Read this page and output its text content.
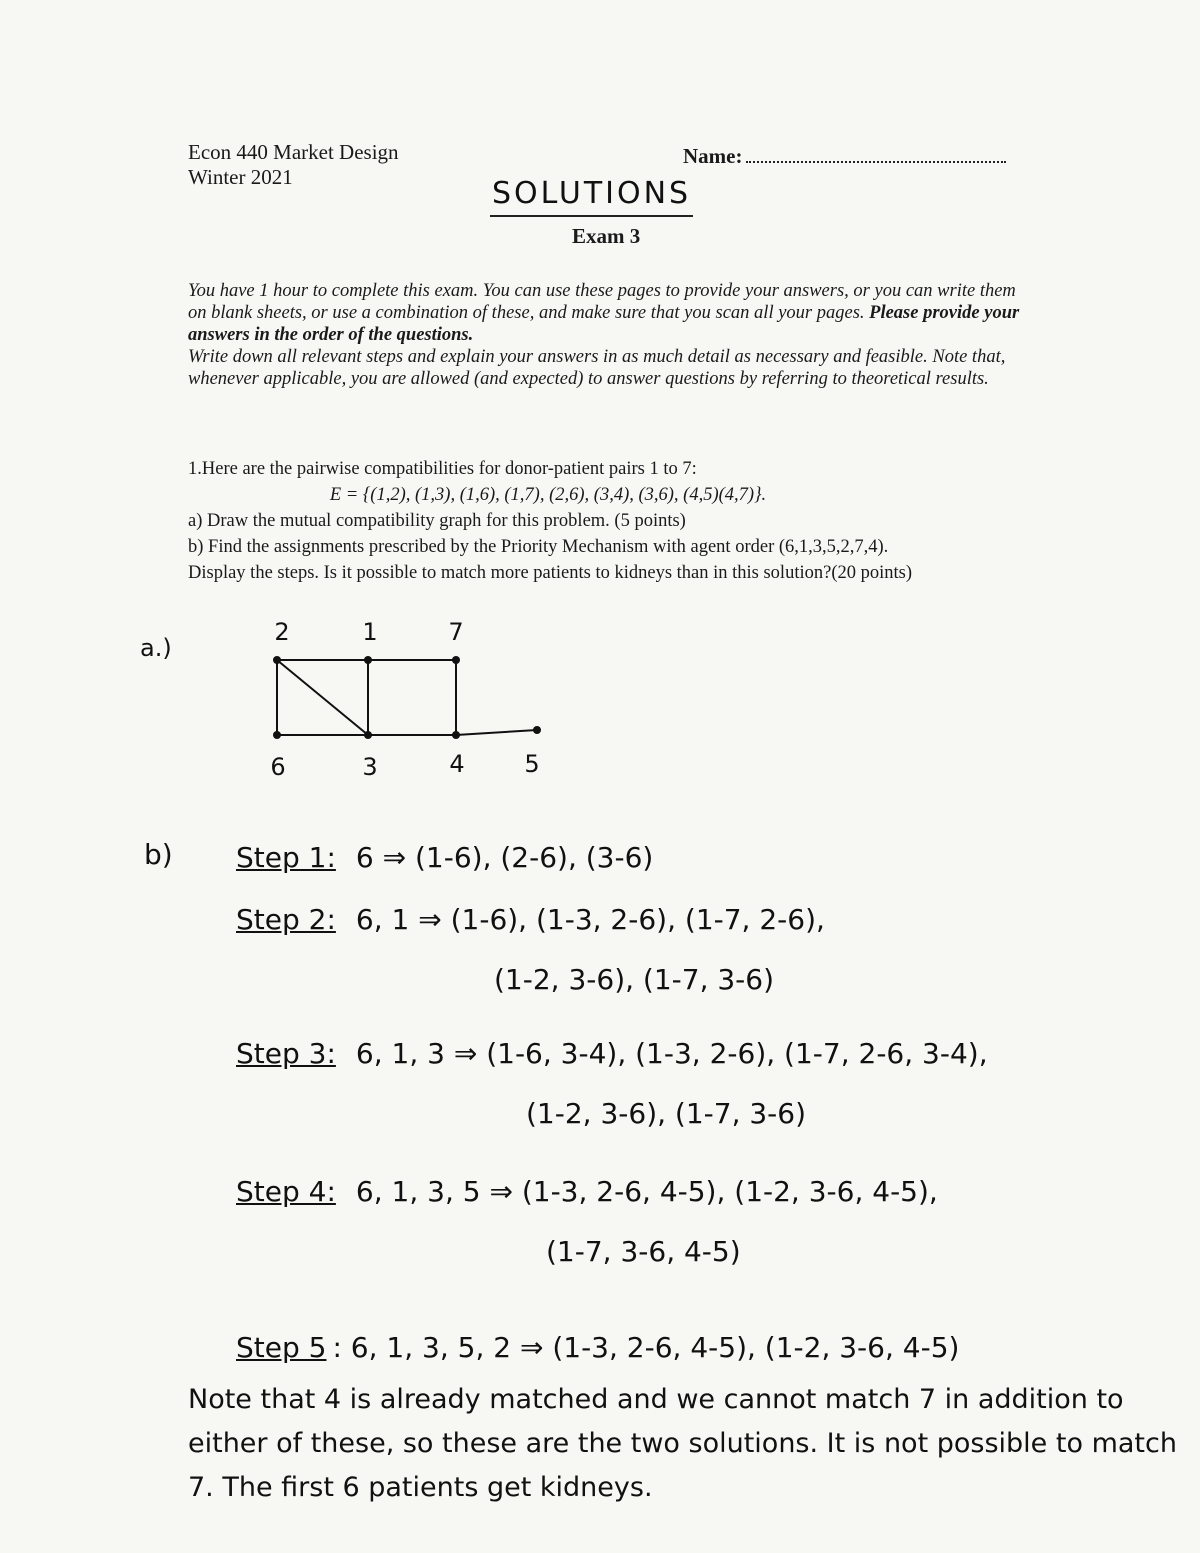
Econ 440 Market Design
Winter 2021
Name:
SOLUTIONS
Exam 3

You have 1 hour to complete this exam. You can use these pages to provide your answers, or you can write them on blank sheets, or use a combination of these, and make sure that you scan all your pages. Please provide your answers in the order of the questions.

Write down all relevant steps and explain your answers in as much detail as necessary and feasible. Note that, whenever applicable, you are allowed (and expected) to answer questions by referring to theoretical results.

1.Here are the pairwise compatibilities for donor-patient pairs 1 to 7:

E = {(1,2), (1,3), (1,6), (1,7), (2,6), (3,4), (3,6), (4,5)(4,7)}.

a) Draw the mutual compatibility graph for this problem. (5 points)

b) Find the assignments prescribed by the Priority Mechanism with agent order (6,1,3,5,2,7,4).

Display the steps. Is it possible to match more patients to kidneys than in this solution?(20 points)

a.)
2	1	7
6	3	4 5
b) Step 1: 6 ⇒ (1-6), (2-6), (3-6)
Step 2: 6, 1 ⇒ (1-6), (1-3, 2-6), (1-7, 2-6),
(1-2, 3-6), (1-7, 3-6)
Step 3: 6, 1, 3 ⇒ (1-6, 3-4), (1-3, 2-6), (1-7, 2-6, 3-4),
(1-2, 3-6), (1-7, 3-6)
Step 4: 6, 1, 3, 5 ⇒ (1-3, 2-6, 4-5), (1-2, 3-6, 4-5),
(1-7, 3-6, 4-5)
Step 5 : 6, 1, 3, 5, 2 ⇒ (1-3, 2-6, 4-5), (1-2, 3-6, 4-5)

Note that 4 is already matched and we cannot match 7 in addition to either of these, so these are the two solutions. It is not possible to match 7. The first 6 patients get kidneys.
